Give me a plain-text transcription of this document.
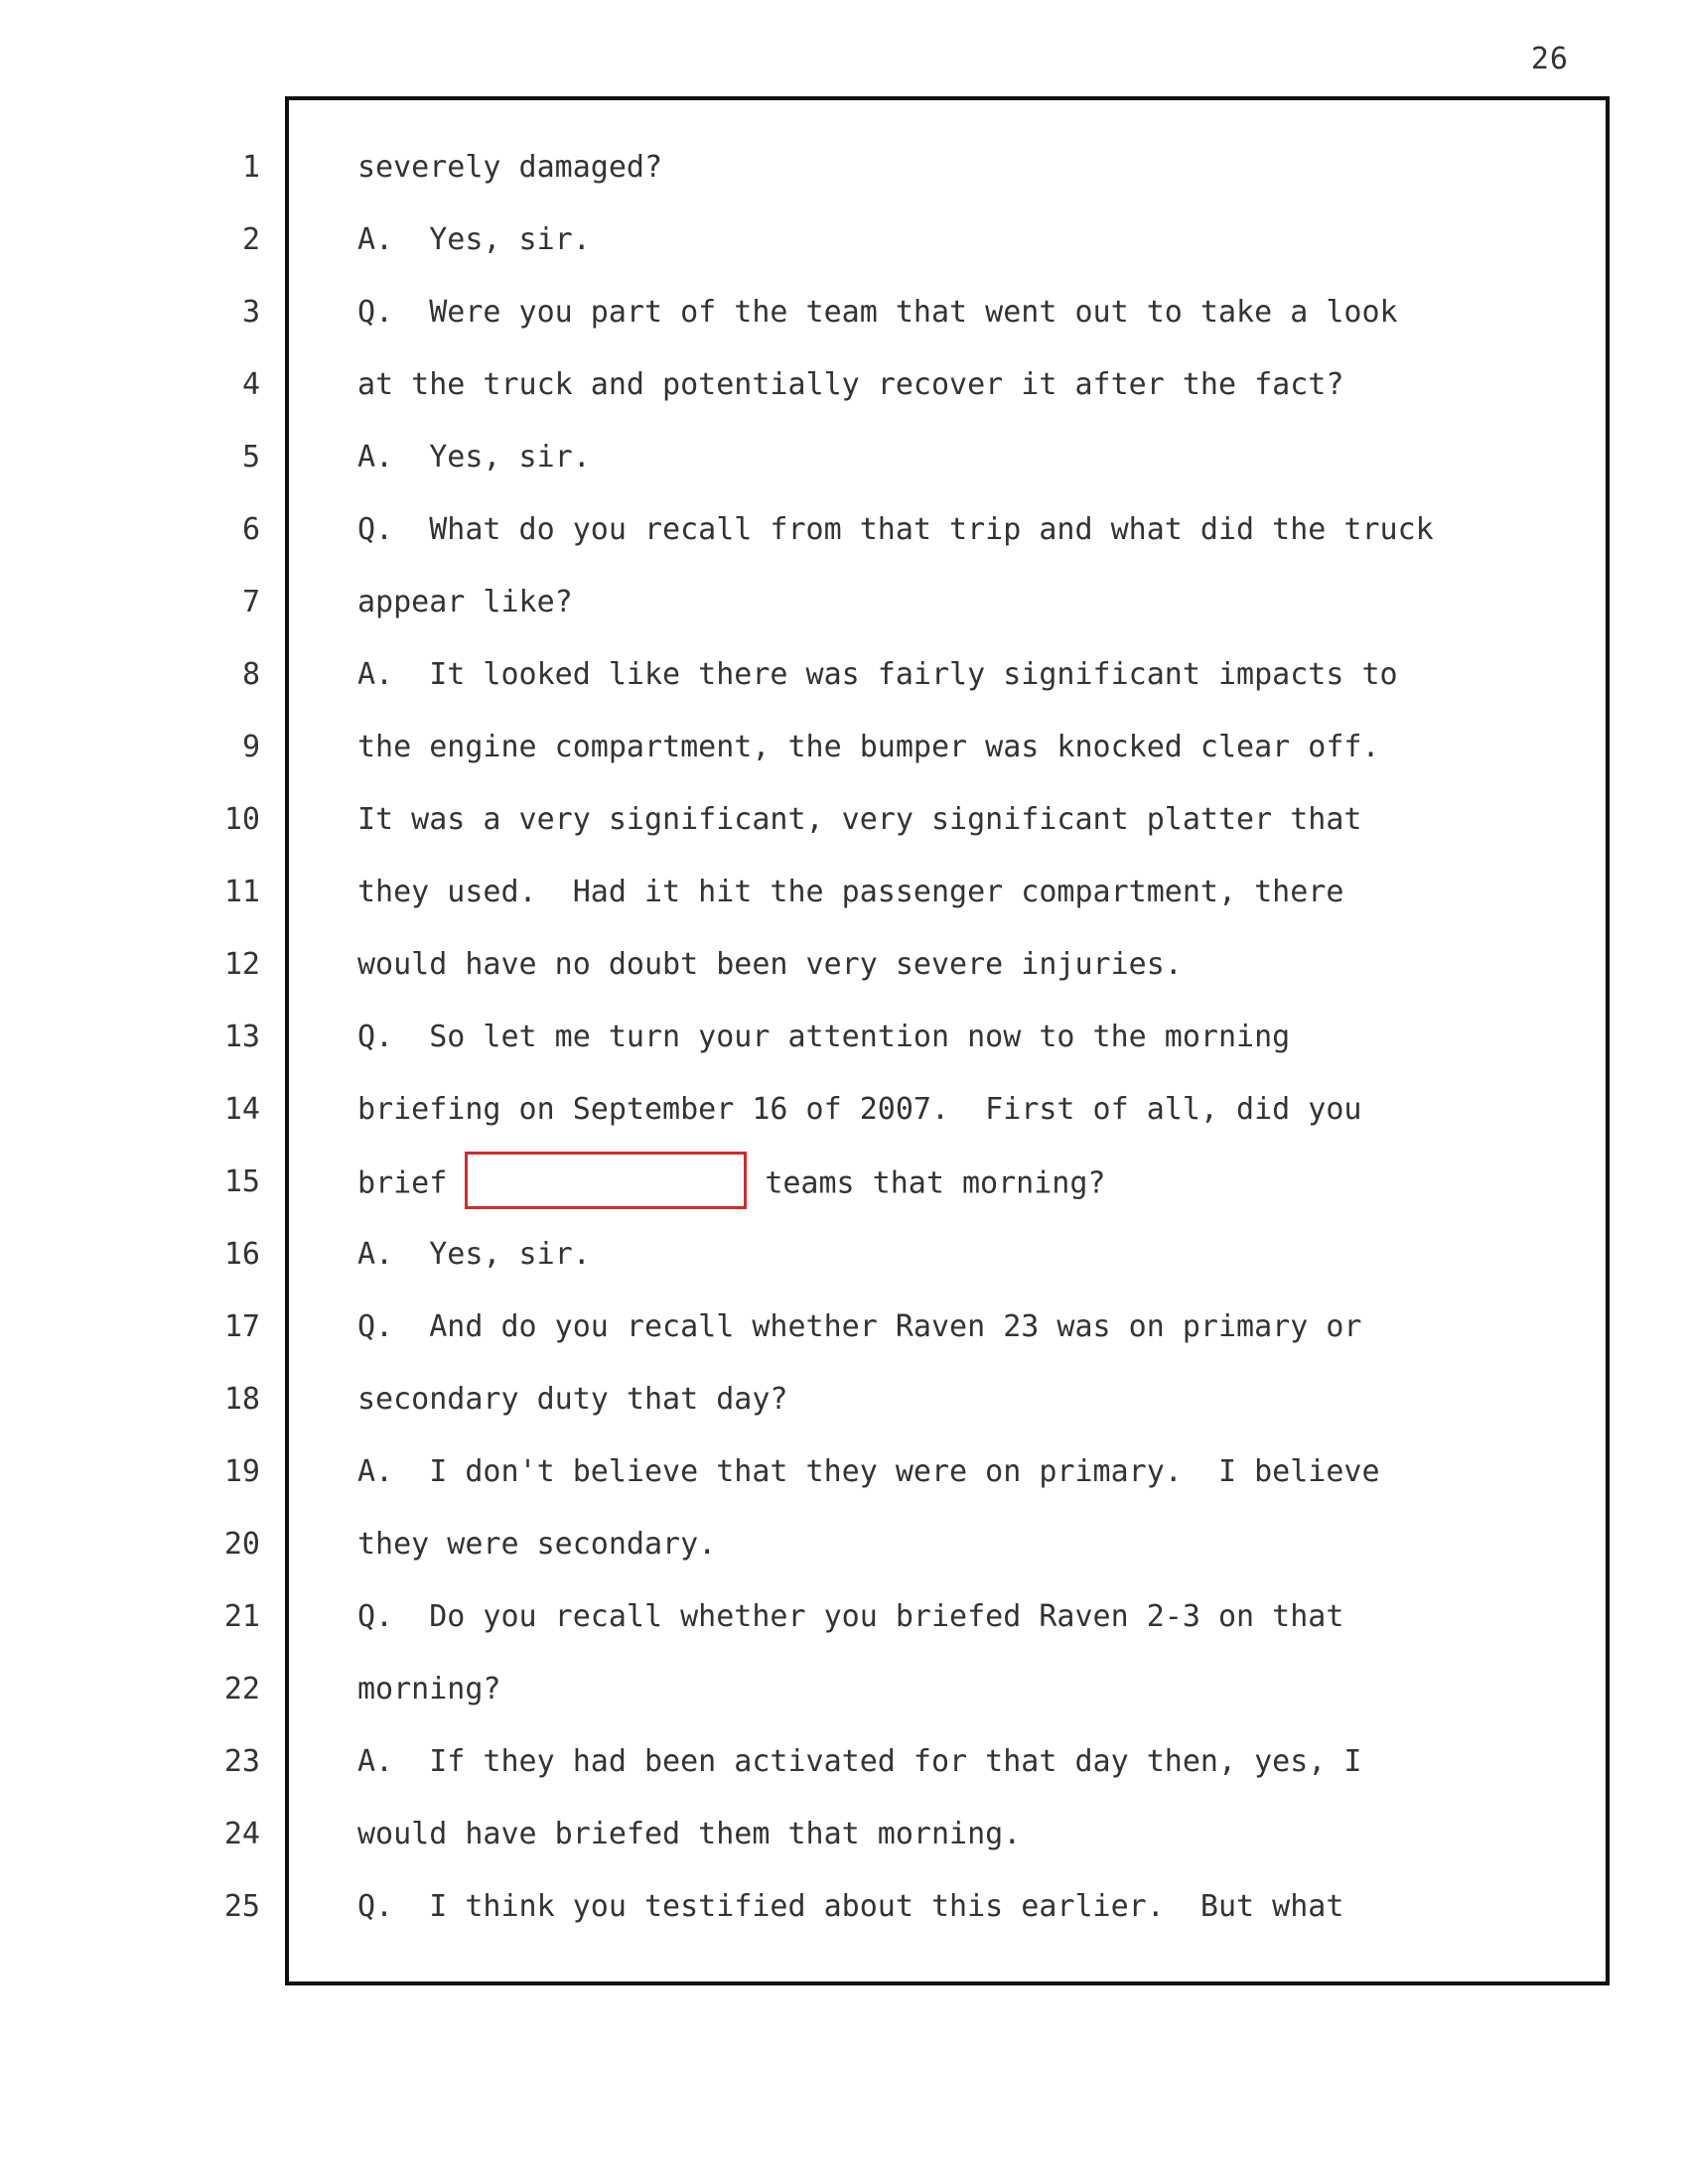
26
1
2
3
4
5
6
7
8
9
10
11
12
13
14
15
16
17
18
19
20
21
22
23
24
25
severely damaged?
A.  Yes, sir.
Q.  Were you part of the team that went out to take a look
at the truck and potentially recover it after the fact?
A.  Yes, sir.
Q.  What do you recall from that trip and what did the truck
appear like?
A.  It looked like there was fairly significant impacts to
the engine compartment, the bumper was knocked clear off.
It was a very significant, very significant platter that
they used.  Had it hit the passenger compartment, there
would have no doubt been very severe injuries.
Q.  So let me turn your attention now to the morning
briefing on September 16 of 2007.  First of all, did you
brief	teams that morning?
A.  Yes, sir.
Q.  And do you recall whether Raven 23 was on primary or
secondary duty that day?
A.  I don't believe that they were on primary.  I believe
they were secondary.
Q.  Do you recall whether you briefed Raven 2-3 on that
morning?
A.  If they had been activated for that day then, yes, I
would have briefed them that morning.
Q.  I think you testified about this earlier.  But what
